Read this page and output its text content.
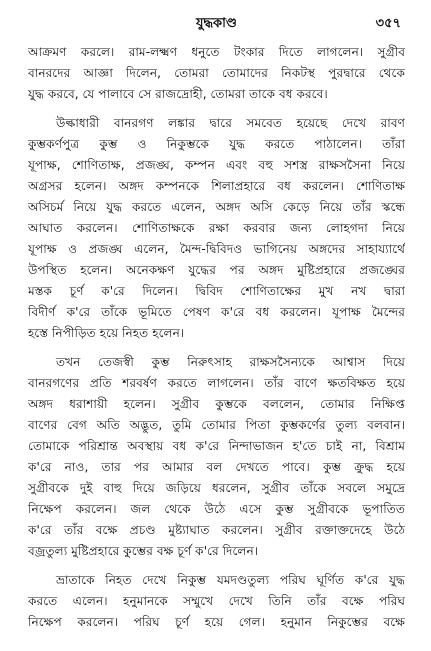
যুদ্ধকাণ্ড	৩৫৭
আক্রমণ করলে। রাম-লক্ষ্মণ ধনুতে টংকার দিতে লাগলেন। সুগ্রীব
বানরদের আজ্ঞা দিলেন, তোমরা তোমাদের নিকটস্থ পুরদ্বারে থেকে
যুদ্ধ করবে, যে পালাবে সে রাজদ্রোহী, তোমরা তাকে বধ করবে।
উল্কাধারী বানরগণ লঙ্কার দ্বারে সমবেত হয়েছে দেখে রাবণ
কুম্ভকর্ণপুত্র কুম্ভ ও নিকুম্ভকে যুদ্ধ করতে পাঠালেন। তাঁরা
যূপাক্ষ, শোণিতাক্ষ, প্রজঙ্ঘ, কম্পন এবং বহু সশস্ত্র রাক্ষসসৈনা নিয়ে
অগ্রসর হলেন। অঙ্গদ কম্পনকে শিলাপ্রহারে বধ করলেন। শোণিতাক্ষ
অসিচর্ম নিয়ে যুদ্ধ করতে এলেন, অঙ্গদ অসি কেড়ে নিয়ে তাঁর স্কন্ধে
আঘাত করলেন। শোণিতাক্ষকে রক্ষা করবার জন্য লোহগদা নিয়ে
যূপাক্ষ ও প্রজঙ্ঘ এলেন, মৈন্দ-দ্বিবিদও ভাগিনেয় অঙ্গদের সাহায্যার্থে
উপস্থিত হলেন। অনেকক্ষণ যুদ্ধের পর অঙ্গদ মুষ্টিপ্রহারে প্রজঙ্ঘের
মস্তক চূর্ণ ক'রে দিলেন। দ্বিবিদ শোণিতাক্ষের মুখ নখ দ্বারা
বিদীর্ণ ক'রে তাঁকে ভূমিতে পেষণ ক'রে বধ করলেন। যূপাক্ষ মৈন্দের
হস্তে নিপীড়িত হয়ে নিহত হলেন।
তখন তেজস্বী কুম্ভ নিরুৎসাহ রাক্ষসসৈন্যকে আশ্বাস দিয়ে
বানরগণের প্রতি শরবর্ষণ করতে লাগলেন। তাঁর বাণে ক্ষতবিক্ষত হয়ে
অঙ্গদ ধরাশায়ী হলেন। সুগ্রীব কুম্ভকে বললেন, তোমার নিক্ষিপ্ত
বাণের বেগ অতি অদ্ভুত, তুমি তোমার পিতা কুম্ভকর্ণের তুল্য বলবান।
তোমাকে পরিশ্রান্ত অবস্থায় বধ ক'রে নিন্দাভাজন হ'তে চাই না, বিশ্রাম
ক'রে নাও, তার পর আমার বল দেখতে পাবে। কুম্ভ ক্রুদ্ধ হয়ে
সুগ্রীবকে দুই বাহু দিয়ে জড়িয়ে ধরলেন, সুগ্রীব তাঁকে সবলে সমুদ্রে
নিক্ষেপ করলেন। জল থেকে উঠে এসে কুম্ভ সুগ্রীবকে ভূপাতিত
ক'রে তাঁর বক্ষে প্রচণ্ড মুষ্ট্যাঘাত করলেন। সুগ্রীব রক্তাক্তদেহে উঠে
বজ্রতুল্য মুষ্টিপ্রহারে কুম্ভের বক্ষ চূর্ণ ক'রে দিলেন।
ভ্রাতাকে নিহত দেখে নিকুম্ভ যমদণ্ডতুল্য পরিঘ ঘূর্ণিত ক'রে যুদ্ধ
করতে এলেন। হনুমানকে সম্মুখে দেখে তিনি তাঁর বক্ষে পরিঘ
নিক্ষেপ করলেন। পরিঘ চূর্ণ হয়ে গেল। হনুমান নিকুম্ভের বক্ষে
